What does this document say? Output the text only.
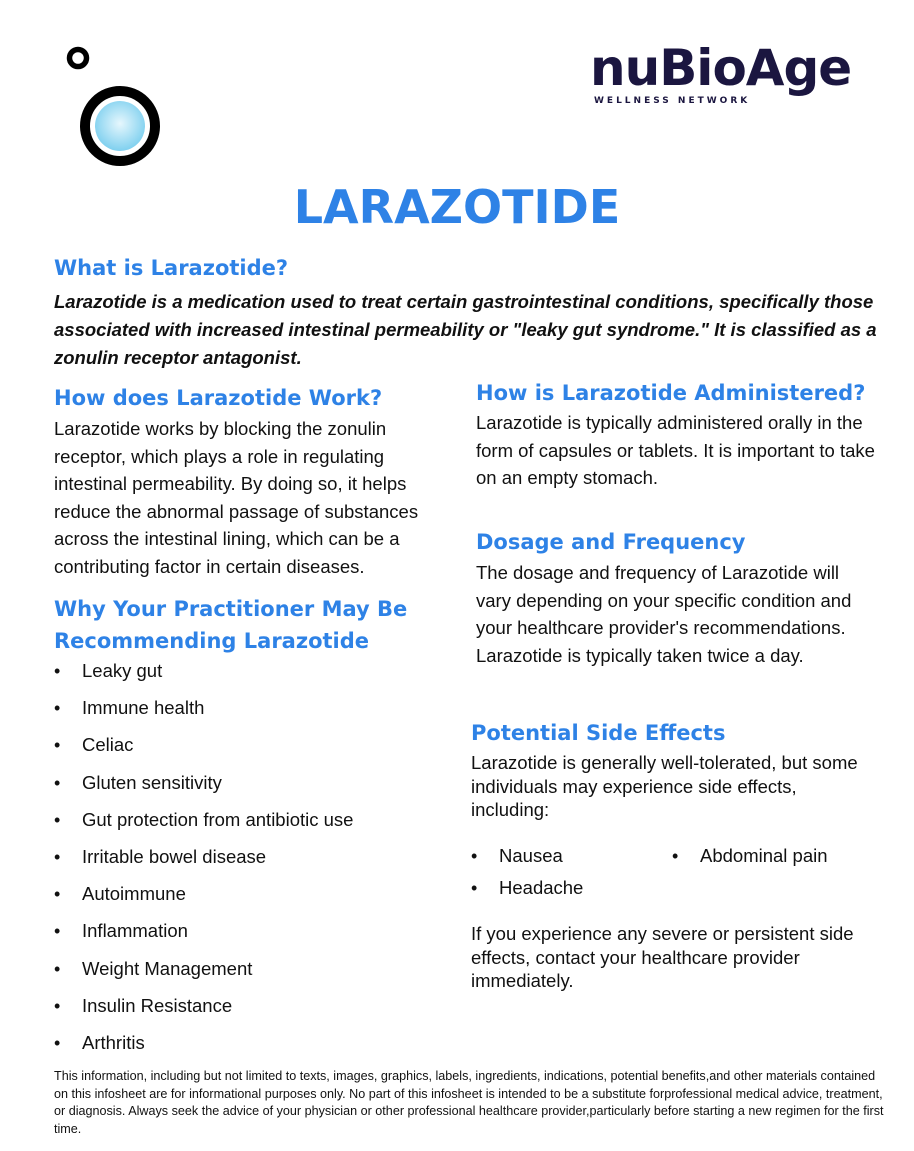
nuBioAge
WELLNESS NETWORK
LARAZOTIDE
What is Larazotide?

Larazotide is a medication used to treat certain gastrointestinal conditions, specifically those associated with increased intestinal permeability or "leaky gut syndrome." It is classified as a zonulin receptor antagonist.

How does Larazotide Work?

Larazotide works by blocking the zonulin receptor, which plays a role in regulating intestinal permeability. By doing so, it helps reduce the abnormal passage of substances across the intestinal lining, which can be a contributing factor in certain diseases.

Why Your Practitioner May Be
Recommending Larazotide
• Leaky gut
• Immune health
• Celiac
• Gluten sensitivity
• Gut protection from antibiotic use
• Irritable bowel disease
• Autoimmune
• Inflammation
• Weight Management
• Insulin Resistance
• Arthritis
How is Larazotide Administered?

Larazotide is typically administered orally in the form of capsules or tablets. It is important to take on an empty stomach.

Dosage and Frequency

The dosage and frequency of Larazotide will vary depending on your specific condition and your healthcare provider's recommendations. Larazotide is typically taken twice a day.

Potential Side Effects

Larazotide is generally well-tolerated, but some individuals may experience side effects, including:

• Nausea
•	Abdominal pain
• Headache

If you experience any severe or persistent side effects, contact your healthcare provider immediately.

This information, including but not limited to texts, images, graphics, labels, ingredients, indications, potential benefits,and other materials contained on this infosheet are for informational purposes only. No part of this infosheet is intended to be a substitute forprofessional medical advice, treatment, or diagnosis. Always seek the advice of your physician or other professional healthcare provider,particularly before starting a new regimen for the first time.
